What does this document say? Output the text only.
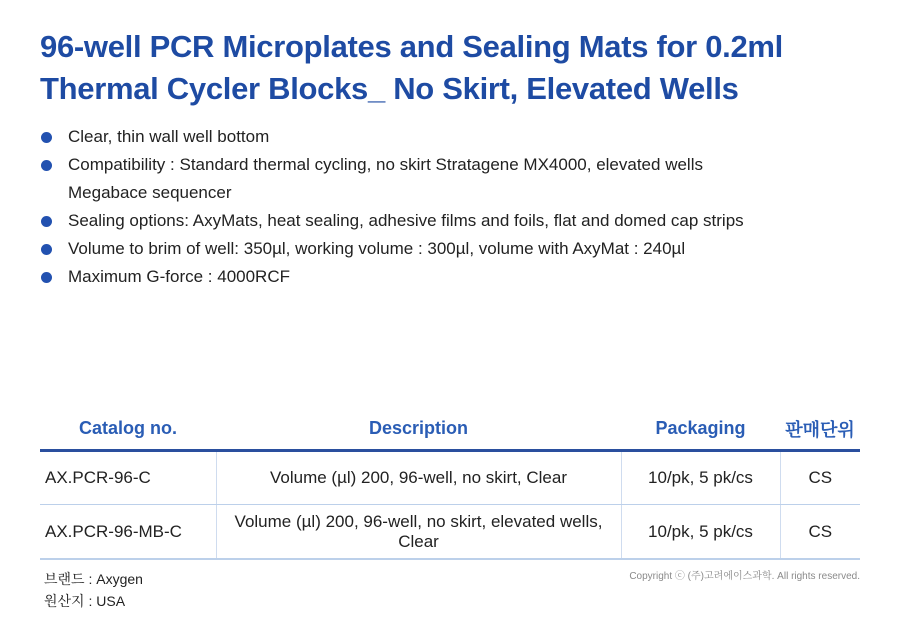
96-well PCR Microplates and Sealing Mats for 0.2ml
Thermal Cycler Blocks_ No Skirt, Elevated Wells
Clear, thin wall well bottom
Compatibility : Standard thermal cycling, no skirt Stratagene MX4000, elevated wells Megabace sequencer
Sealing options: AxyMats, heat sealing, adhesive films and foils, flat and domed cap strips
Volume to brim of well: 350µl, working volume : 300µl, volume with AxyMat : 240µl
Maximum G-force : 4000RCF
Catalog no.	Description	Packaging	판매단위
AX.PCR-96-C	Volume (µl) 200, 96-well, no skirt, Clear	10/pk, 5 pk/cs	CS
AX.PCR-96-MB-C	Volume (µl) 200, 96-well, no skirt, elevated wells, Clear	10/pk, 5 pk/cs	CS
브랜드 : Axygen
원산지 : USA
Copyright ⓒ (주)고려에이스과학. All rights reserved.
